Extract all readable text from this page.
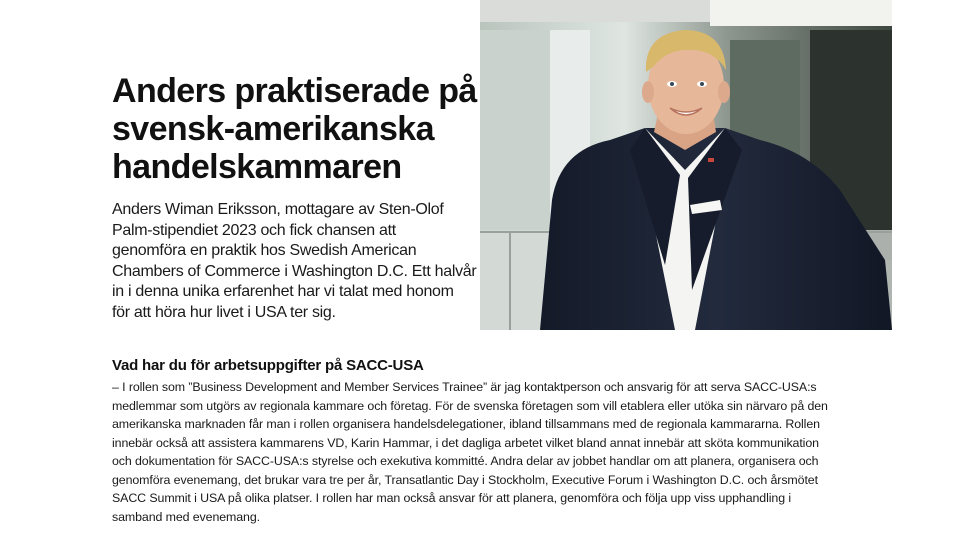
Anders praktiserade på
svensk-amerikanska
handelskammaren
Anders Wiman Eriksson, mottagare av Sten-Olof
Palm-stipendiet 2023 och fick chansen att
genomföra en praktik hos Swedish American
Chambers of Commerce i Washington D.C. Ett halvår
in i denna unika erfarenhet har vi talat med honom
för att höra hur livet i USA ter sig.
Vad har du för arbetsuppgifter på SACC-USA
– I rollen som ”Business Development and Member Services Trainee” är jag kontaktperson och ansvarig för att serva SACC-USA:s
medlemmar som utgörs av regionala kammare och företag. För de svenska företagen som vill etablera eller utöka sin närvaro på den
amerikanska marknaden får man i rollen organisera handelsdelegationer, ibland tillsammans med de regionala kammararna. Rollen
innebär också att assistera kammarens VD, Karin Hammar, i det dagliga arbetet vilket bland annat innebär att sköta kommunikation
och dokumentation för SACC-USA:s styrelse och exekutiva kommitté. Andra delar av jobbet handlar om att planera, organisera och
genomföra evenemang, det brukar vara tre per år, Transatlantic Day i Stockholm, Executive Forum i Washington D.C. och årsmötet
SACC Summit i USA på olika platser. I rollen har man också ansvar för att planera, genomföra och följa upp viss upphandling i
samband med evenemang.
